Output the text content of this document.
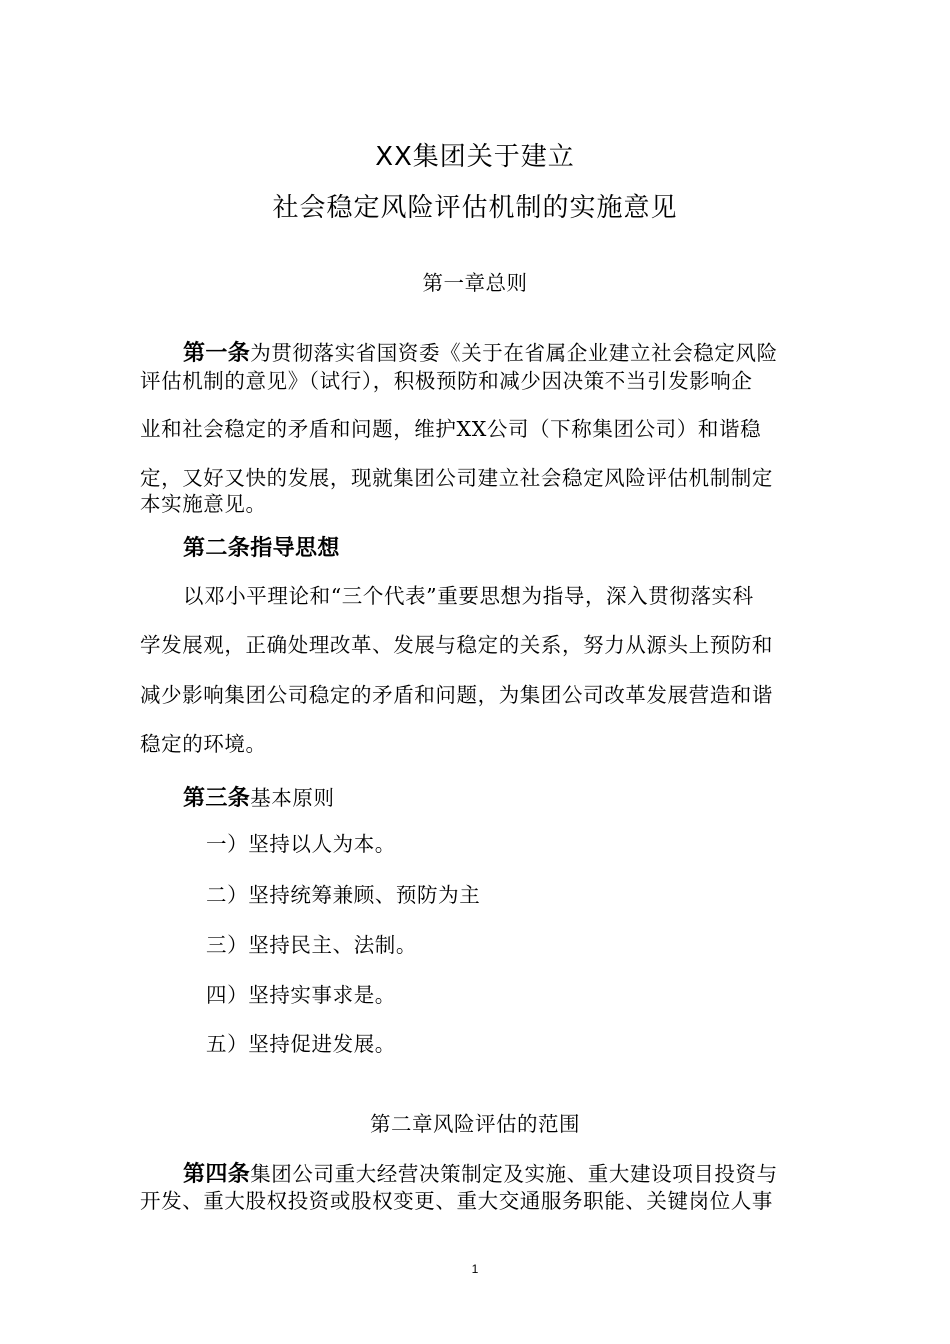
XX集团关于建立
社会稳定风险评估机制的实施意见
第一章总则
第一条为贯彻落实省国资委《关于在省属企业建立社会稳定风险
评估机制的意见》（试行），积极预防和减少因决策不当引发影响企
业和社会稳定的矛盾和问题，维护XX公司（下称集团公司）和谐稳
定，又好又快的发展，现就集团公司建立社会稳定风险评估机制制定
本实施意见。
第二条指导思想
以邓小平理论和“三个代表”重要思想为指导，深入贯彻落实科
学发展观，正确处理改革、发展与稳定的关系，努力从源头上预防和
减少影响集团公司稳定的矛盾和问题，为集团公司改革发展营造和谐
稳定的环境。
第三条基本原则
一）坚持以人为本。
二）坚持统筹兼顾、预防为主
三）坚持民主、法制。
四）坚持实事求是。
五）坚持促进发展。
第二章风险评估的范围
第四条集团公司重大经营决策制定及实施、重大建设项目投资与
开发、重大股权投资或股权变更、重大交通服务职能、关键岗位人事
1
